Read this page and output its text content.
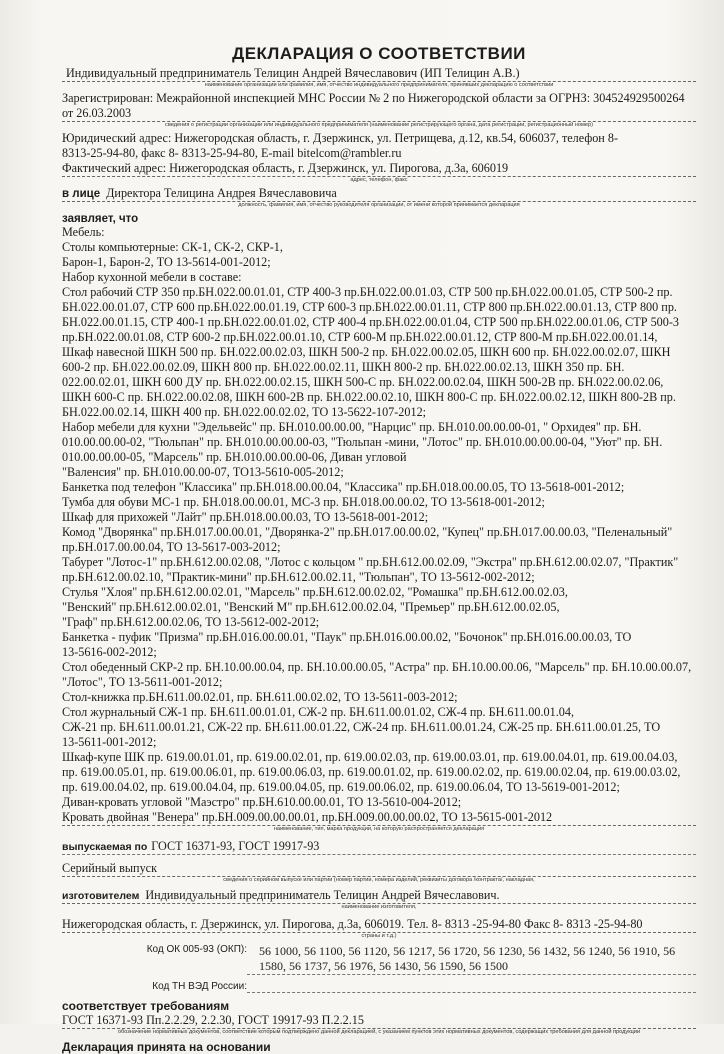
ДЕКЛАРАЦИЯ О СООТВЕТСТВИИ
Индивидуальный предприниматель Телицин Андрей Вячеславович (ИП Телицин А.В.)
наименование организации или фамилия, имя, отчество индивидуального предпринимателя, принявших декларацию о соответствии
Зарегистрирован: Межрайонной инспекцией МНС России № 2 по Нижегородской области за ОГРНЗ: 304524929500264
от 26.03.2003
сведения о регистрации организации или индивидуального предпринимателя (наименование регистрирующего органа, дата регистрации, регистрационный номер)
Юридический адрес: Нижегородская область, г. Дзержинск, ул. Петрищева, д.12, кв.54, 606037, телефон 8-
8313-25-94-80, факс 8- 8313-25-94-80, E-mail bitelcom@rambler.ru
Фактический адрес: Нижегородская область, г. Дзержинск, ул. Пирогова, д.3а, 606019
адрес, телефон, факс
в лице Директора Телицина Андрея Вячеславовича
должность, фамилия, имя, отчество руководителя организации, от имени которой принимается декларация
заявляет, что

Мебель:

Столы компьютерные: СК-1, СК-2, СКР-1,

Барон-1, Барон-2, ТО 13-5614-001-2012;

Набор кухонной мебели в составе:

Стол рабочий СТР 350 пр.БН.022.00.01.01, СТР 400-3 пр.БН.022.00.01.03, СТР 500 пр.БН.022.00.01.05, СТР 500-2 пр.

БН.022.00.01.07, СТР 600 пр.БН.022.00.01.19, СТР 600-3 пр.БН.022.00.01.11, СТР 800 пр.БН.022.00.01.13, СТР 800 пр.

БН.022.00.01.15, СТР 400-1 пр.БН.022.00.01.02, СТР 400-4 пр.БН.022.00.01.04, СТР 500 пр.БН.022.00.01.06, СТР 500-3

пр.БН.022.00.01.08, СТР 600-2 пр.БН.022.00.01.10, СТР 600-М пр.БН.022.00.01.12, СТР 800-М пр.БН.022.00.01.14,

Шкаф навесной ШКН 500 пр. БН.022.00.02.03, ШКН 500-2 пр. БН.022.00.02.05, ШКН 600 пр. БН.022.00.02.07, ШКН

600-2 пр. БН.022.00.02.09, ШКН 800 пр. БН.022.00.02.11, ШКН 800-2 пр. БН.022.00.02.13, ШКН 350 пр. БН.

022.00.02.01, ШКН 600 ДУ пр. БН.022.00.02.15, ШКН 500-С пр. БН.022.00.02.04, ШКН 500-2В пр. БН.022.00.02.06,

ШКН 600-С пр. БН.022.00.02.08, ШКН 600-2В пр. БН.022.00.02.10, ШКН 800-С пр. БН.022.00.02.12, ШКН 800-2В пр.

БН.022.00.02.14, ШКН 400 пр. БН.022.00.02.02, ТО 13-5622-107-2012;

Набор мебели для кухни "Эдельвейс" пр. БН.010.00.00.00, "Нарцис" пр. БН.010.00.00.00-01, " Орхидея" пр. БН.

010.00.00.00-02, "Тюльпан" пр. БН.010.00.00.00-03, "Тюльпан -мини, "Лотос" пр. БН.010.00.00.00-04, "Уют" пр. БН.

010.00.00.00-05, "Марсель" пр. БН.010.00.00.00-06, Диван угловой

"Валенсия" пр. БН.010.00.00-07, ТО13-5610-005-2012;

Банкетка под телефон "Классика" пр.БН.018.00.00.04, "Классика" пр.БН.018.00.00.05, ТО 13-5618-001-2012;

Тумба для обуви МС-1 пр. БН.018.00.00.01, МС-3 пр. БН.018.00.00.02, ТО 13-5618-001-2012;

Шкаф для прихожей "Лайт" пр.БН.018.00.00.03, ТО 13-5618-001-2012;

Комод "Дворянка" пр.БН.017.00.00.01, "Дворянка-2" пр.БН.017.00.00.02, "Купец" пр.БН.017.00.00.03, "Пеленальный"

пр.БН.017.00.00.04, ТО 13-5617-003-2012;

Табурет "Лотос-1" пр.БН.612.00.02.08, "Лотос с кольцом " пр.БН.612.00.02.09, "Экстра" пр.БН.612.00.02.07, "Практик"

пр.БН.612.00.02.10, "Практик-мини" пр.БН.612.00.02.11, "Тюльпан", ТО 13-5612-002-2012;

Стулья "Хлоя" пр.БН.612.00.02.01, "Марсель" пр.БН.612.00.02.02, "Ромашка" пр.БН.612.00.02.03,

"Венский" пр.БН.612.00.02.01, "Венский М" пр.БН.612.00.02.04, "Премьер" пр.БН.612.00.02.05,

"Граф" пр.БН.612.00.02.06, ТО 13-5612-002-2012;

Банкетка - пуфик "Призма" пр.БН.016.00.00.01, "Паук" пр.БН.016.00.00.02, "Бочонок" пр.БН.016.00.00.03, ТО

13-5616-002-2012;

Стол обеденный СКР-2 пр. БН.10.00.00.04, пр. БН.10.00.00.05, "Астра" пр. БН.10.00.00.06, "Марсель" пр. БН.10.00.00.07,

"Лотос", ТО 13-5611-001-2012;

Стол-книжка пр.БН.611.00.02.01, пр. БН.611.00.02.02, ТО 13-5611-003-2012;

Стол журнальный СЖ-1 пр. БН.611.00.01.01, СЖ-2 пр. БН.611.00.01.02, СЖ-4 пр. БН.611.00.01.04,

СЖ-21 пр. БН.611.00.01.21, СЖ-22 пр. БН.611.00.01.22, СЖ-24 пр. БН.611.00.01.24, СЖ-25 пр. БН.611.00.01.25, ТО

13-5611-001-2012;

Шкаф-купе ШК пр. 619.00.01.01, пр. 619.00.02.01, пр. 619.00.02.03, пр. 619.00.03.01, пр. 619.00.04.01, пр. 619.00.04.03,

пр. 619.00.05.01, пр. 619.00.06.01, пр. 619.00.06.03, пр. 619.00.01.02, пр. 619.00.02.02, пр. 619.00.02.04, пр. 619.00.03.02,

пр. 619.00.04.02, пр. 619.00.04.04, пр. 619.00.04.05, пр. 619.00.06.02, пр. 619.00.06.04, ТО 13-5619-001-2012;

Диван-кровать угловой "Маэстро" пр.БН.610.00.00.01, ТО 13-5610-004-2012;

Кровать двойная "Венера" пр.БН.009.00.00.00.01, пр.БН.009.00.00.00.02, ТО 13-5615-001-2012

наименование, тип, марка продукции, на которую распространяется декларация
выпускаемая по ГОСТ 16371-93, ГОСТ 19917-93
Серийный выпуск
сведения о серийном выпуске или партии (номер партии, номера изделий, реквизиты договора /контракта/, накладная,
изготовителем Индивидуальный предприниматель Телицин Андрей Вячеславович.
наименование изготовителя,
Нижегородская область, г. Дзержинск, ул. Пирогова, д.3а, 606019. Тел. 8- 8313 -25-94-80 Факс 8- 8313 -25-94-80
страны и т.д.)
Код ОК 005-93 (ОКП):	56 1000, 56 1100, 56 1120, 56 1217, 56 1720, 56 1230, 56 1432, 56 1240, 56 1910, 56
1580, 56 1737, 56 1976, 56 1430, 56 1590, 56 1500
Код ТН ВЭД России:
соответствует требованиям
ГОСТ 16371-93 Пп.2.2.29, 2.2.30, ГОСТ 19917-93 П.2.2.15
обозначение нормативных документов, соответствие которым подтверждено данной декларацией, с указанием пунктов этих нормативных документов, содержащих требования для данной продукции
Декларация принята на основании
